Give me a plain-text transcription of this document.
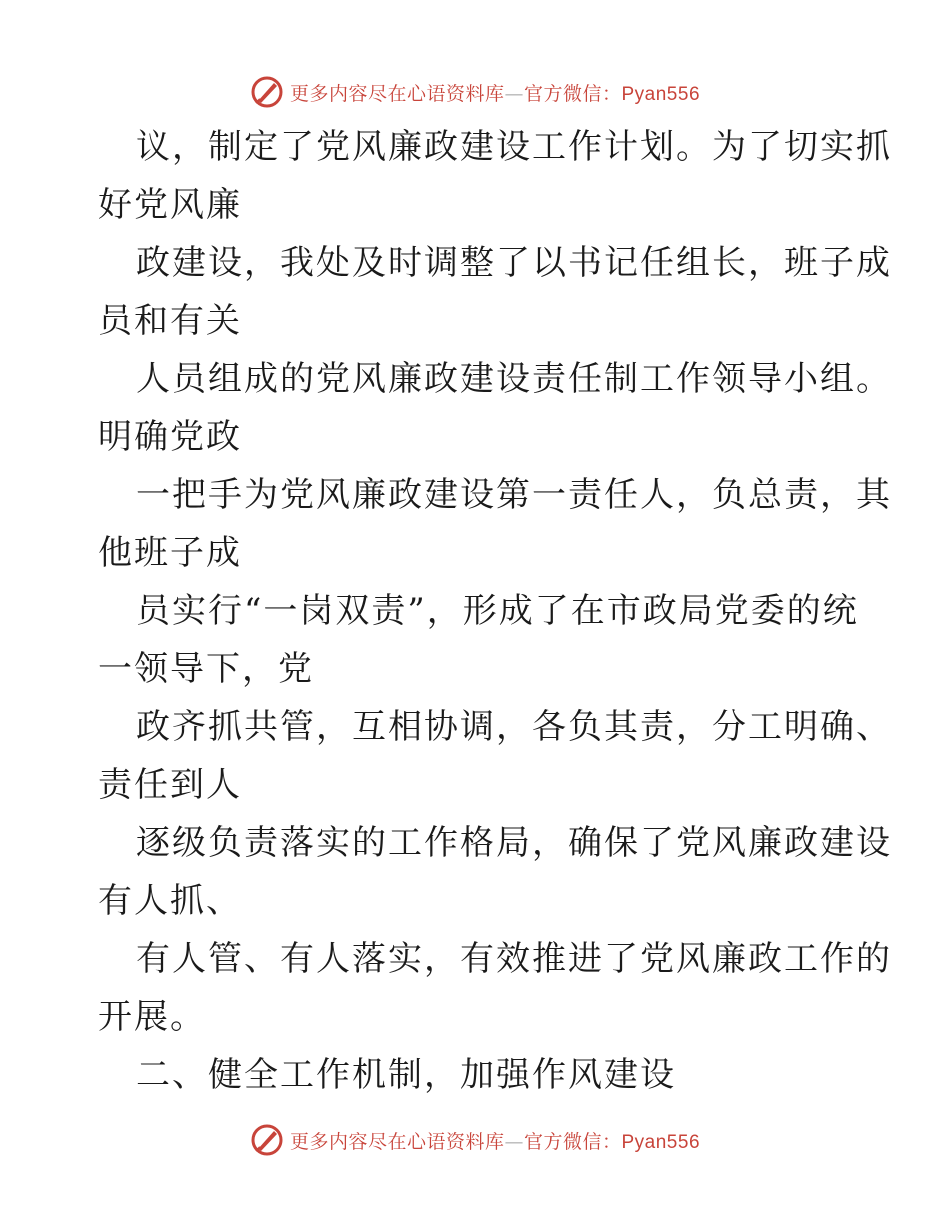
更多内容尽在心语资料库—官方微信：Pyan556
议，制定了党风廉政建设工作计划。为了切实抓
好党风廉
政建设，我处及时调整了以书记任组长，班子成
员和有关
人员组成的党风廉政建设责任制工作领导小组。
明确党政
一把手为党风廉政建设第一责任人，负总责，其
他班子成
员实行“一岗双责”，形成了在市政局党委的统
一领导下，党
政齐抓共管，互相协调，各负其责，分工明确、
责任到人
逐级负责落实的工作格局，确保了党风廉政建设
有人抓、
有人管、有人落实，有效推进了党风廉政工作的
开展。
二、健全工作机制，加强作风建设
更多内容尽在心语资料库—官方微信：Pyan556
